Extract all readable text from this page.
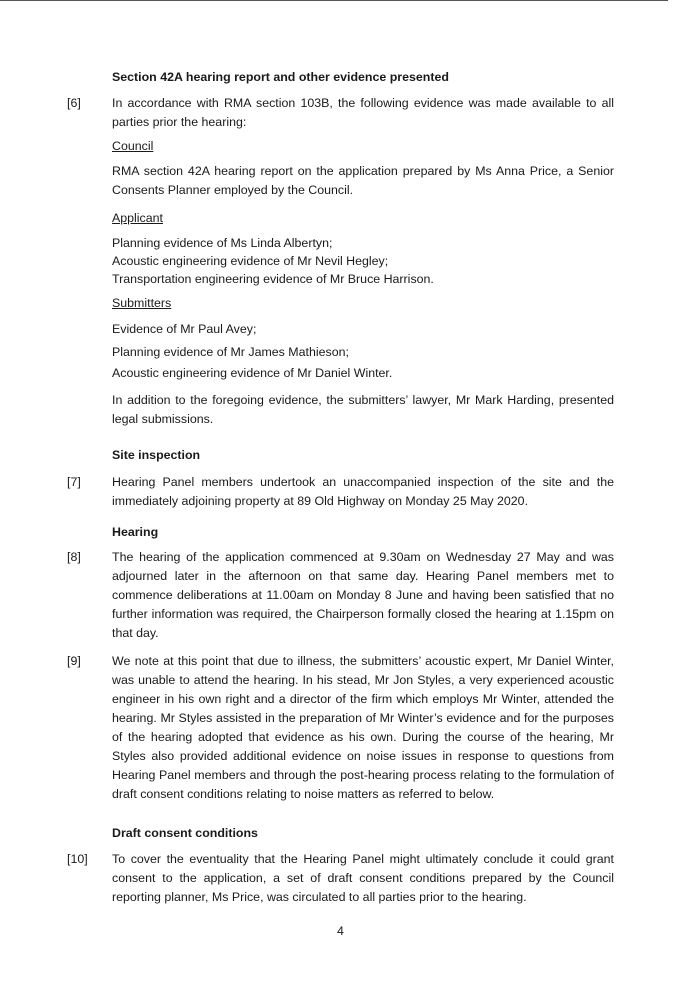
Section 42A hearing report and other evidence presented
[6]	In accordance with RMA section 103B, the following evidence was made available to all parties prior the hearing:
Council
RMA section 42A hearing report on the application prepared by Ms Anna Price, a Senior Consents Planner employed by the Council.
Applicant
Planning evidence of Ms Linda Albertyn;
Acoustic engineering evidence of Mr Nevil Hegley;
Transportation engineering evidence of Mr Bruce Harrison.
Submitters
Evidence of Mr Paul Avey;
Planning evidence of Mr James Mathieson;
Acoustic engineering evidence of Mr Daniel Winter.
In addition to the foregoing evidence, the submitters’ lawyer, Mr Mark Harding, presented legal submissions.
Site inspection
[7]	Hearing Panel members undertook an unaccompanied inspection of the site and the immediately adjoining property at 89 Old Highway on Monday 25 May 2020.
Hearing
[8]	The hearing of the application commenced at 9.30am on Wednesday 27 May and was adjourned later in the afternoon on that same day. Hearing Panel members met to commence deliberations at 11.00am on Monday 8 June and having been satisfied that no further information was required, the Chairperson formally closed the hearing at 1.15pm on that day.
[9]	We note at this point that due to illness, the submitters’ acoustic expert, Mr Daniel Winter, was unable to attend the hearing. In his stead, Mr Jon Styles, a very experienced acoustic engineer in his own right and a director of the firm which employs Mr Winter, attended the hearing. Mr Styles assisted in the preparation of Mr Winter’s evidence and for the purposes of the hearing adopted that evidence as his own. During the course of the hearing, Mr Styles also provided additional evidence on noise issues in response to questions from Hearing Panel members and through the post-hearing process relating to the formulation of draft consent conditions relating to noise matters as referred to below.
Draft consent conditions
[10] To cover the eventuality that the Hearing Panel might ultimately conclude it could grant consent to the application, a set of draft consent conditions prepared by the Council reporting planner, Ms Price, was circulated to all parties prior to the hearing.
4
